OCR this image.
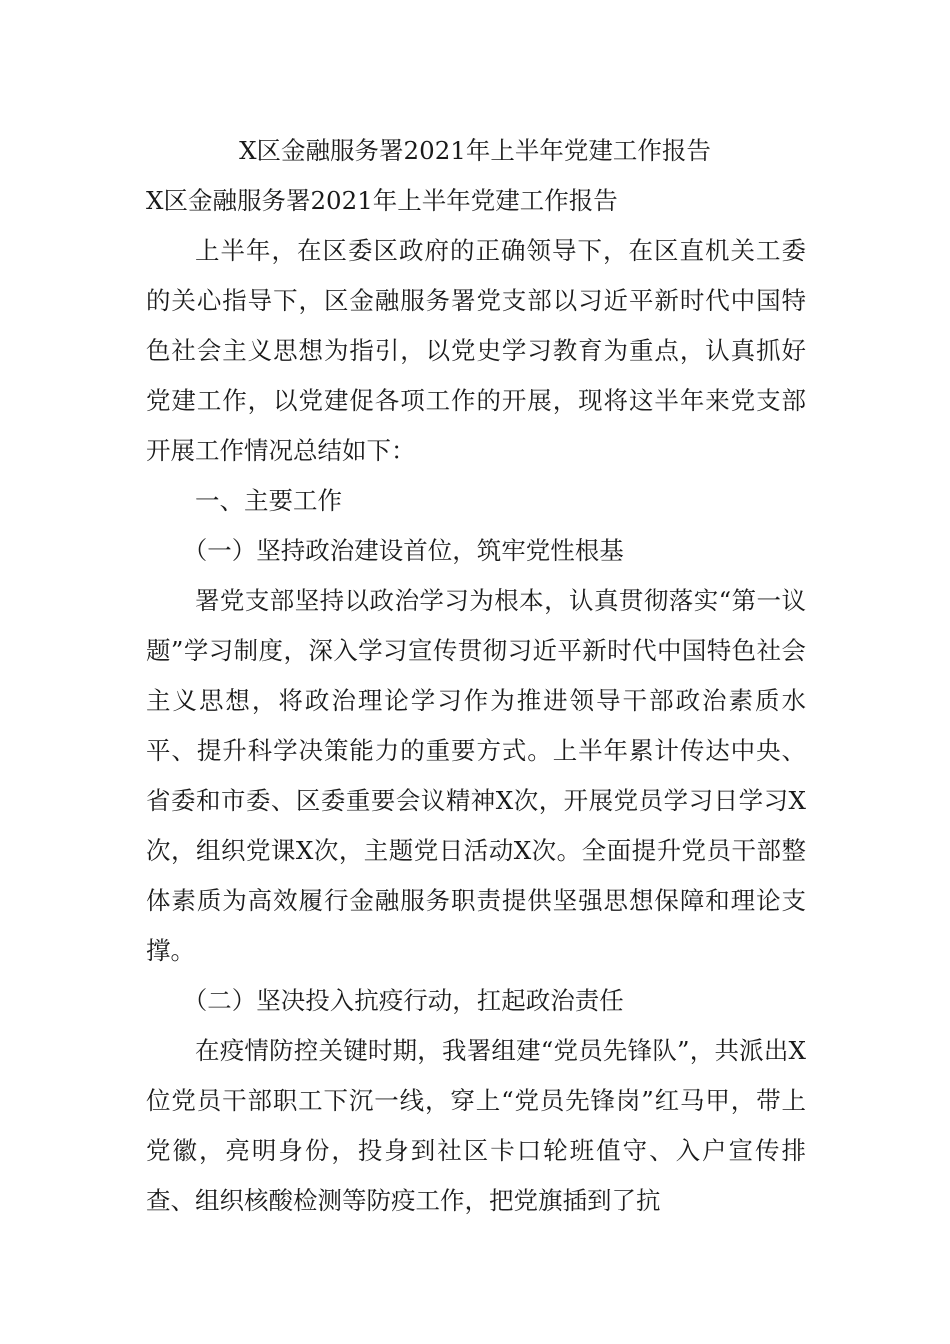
X区金融服务署2021年上半年党建工作报告
X区金融服务署2021年上半年党建工作报告

上半年，在区委区政府的正确领导下，在区直机关工委的关心指导下，区金融服务署党支部以习近平新时代中国特色社会主义思想为指引，以党史学习教育为重点，认真抓好党建工作，以党建促各项工作的开展，现将这半年来党支部开展工作情况总结如下：

一、主要工作

（一）坚持政治建设首位，筑牢党性根基

署党支部坚持以政治学习为根本，认真贯彻落实“第一议题”学习制度，深入学习宣传贯彻习近平新时代中国特色社会主义思想，将政治理论学习作为推进领导干部政治素质水平、提升科学决策能力的重要方式。上半年累计传达中央、省委和市委、区委重要会议精神X次，开展党员学习日学习X次，组织党课X次，主题党日活动X次。全面提升党员干部整体素质为高效履行金融服务职责提供坚强思想保障和理论支撑。

（二）坚决投入抗疫行动，扛起政治责任

在疫情防控关键时期，我署组建“党员先锋队”，共派出X位党员干部职工下沉一线，穿上“党员先锋岗”红马甲，带上党徽，亮明身份，投身到社区卡口轮班值守、入户宣传排查、组织核酸检测等防疫工作，把党旗插到了抗
